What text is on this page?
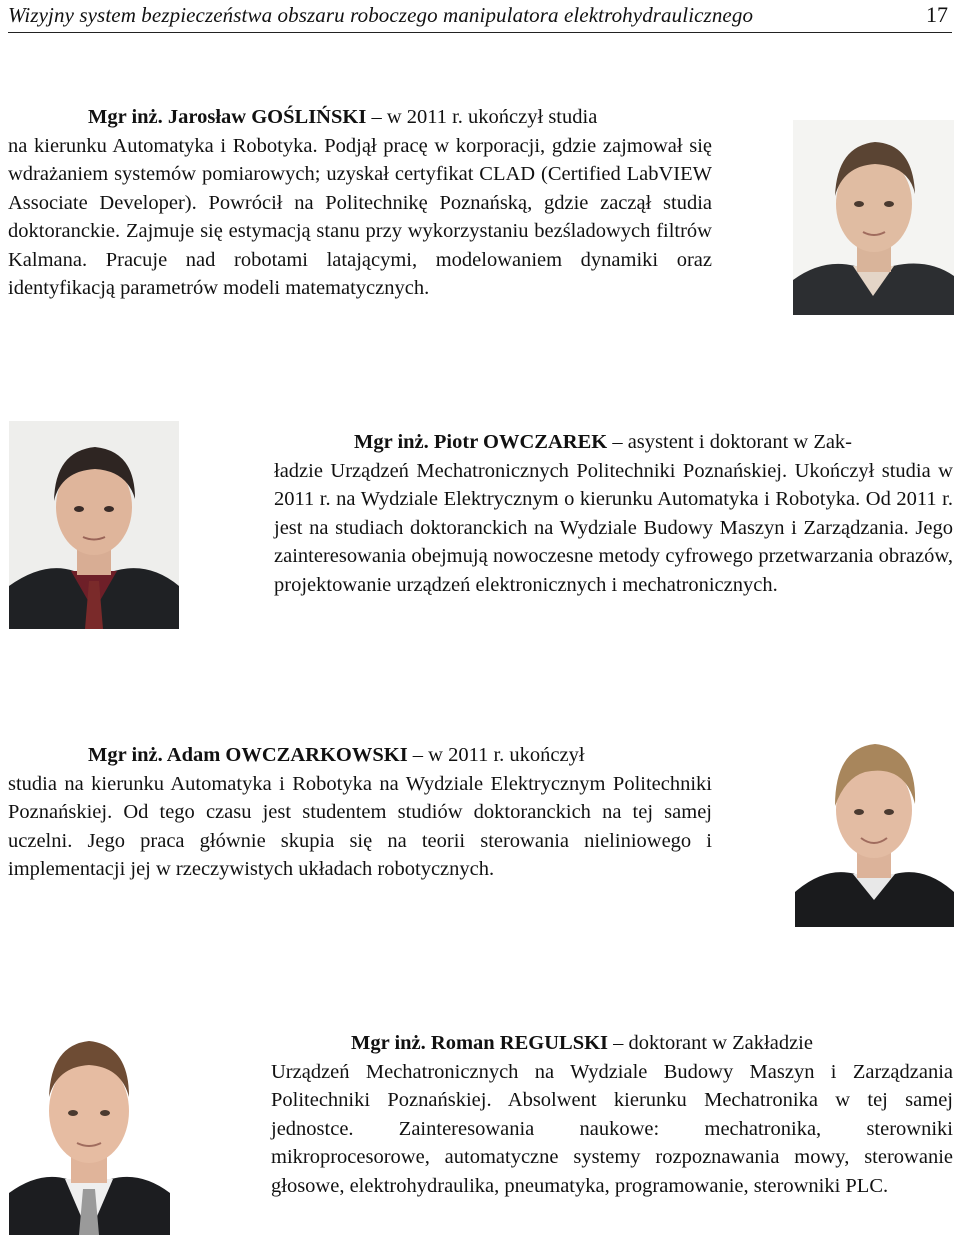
Wizyjny system bezpieczeństwa obszaru roboczego manipulatora elektrohydraulicznego	17
Mgr inż. Jarosław GOŚLIŃSKI – w 2011 r. ukończył studia
na kierunku Automatyka i Robotyka. Podjął pracę w korporacji, gdzie zajmował się wdrażaniem systemów pomiarowych; uzyskał certyfikat CLAD (Certified LabVIEW Associate Developer). Powrócił na Politechnikę Poznańską, gdzie zaczął studia doktoranckie. Zajmuje się estymacją stanu przy wykorzystaniu bezśladowych filtrów Kalmana. Pracuje nad robotami latającymi, modelowaniem dynamiki oraz identyfikacją parametrów modeli matematycznych.
Mgr inż. Piotr OWCZAREK – asystent i doktorant w Zak-
ładzie Urządzeń Mechatronicznych Politechniki Poznańskiej. Ukończył studia w 2011 r. na Wydziale Elektrycznym o kierunku Automatyka i Robotyka. Od 2011 r. jest na studiach doktoranckich na Wydziale Budowy Maszyn i Zarządzania. Jego zainteresowania obejmują nowoczesne metody cyfrowego przetwarzania obrazów, projektowanie urządzeń elektronicznych i mechatronicznych.
Mgr inż. Adam OWCZARKOWSKI – w 2011 r. ukończył
studia na kierunku Automatyka i Robotyka na Wydziale Elektrycznym Politechniki Poznańskiej. Od tego czasu jest studentem studiów doktoranckich na tej samej uczelni. Jego praca głównie skupia się na teorii sterowania nieliniowego i implementacji jej w rzeczywistych układach robotycznych.
Mgr inż. Roman REGULSKI – doktorant w Zakładzie
Urządzeń Mechatronicznych na Wydziale Budowy Maszyn i Zarządzania Politechniki Poznańskiej. Absolwent kierunku Mechatronika w tej samej jednostce. Zainteresowania naukowe: mechatronika, sterowniki mikroprocesorowe, automatyczne systemy rozpoznawania mowy, sterowanie głosowe, elektrohydraulika, pneumatyka, programowanie, sterowniki PLC.
